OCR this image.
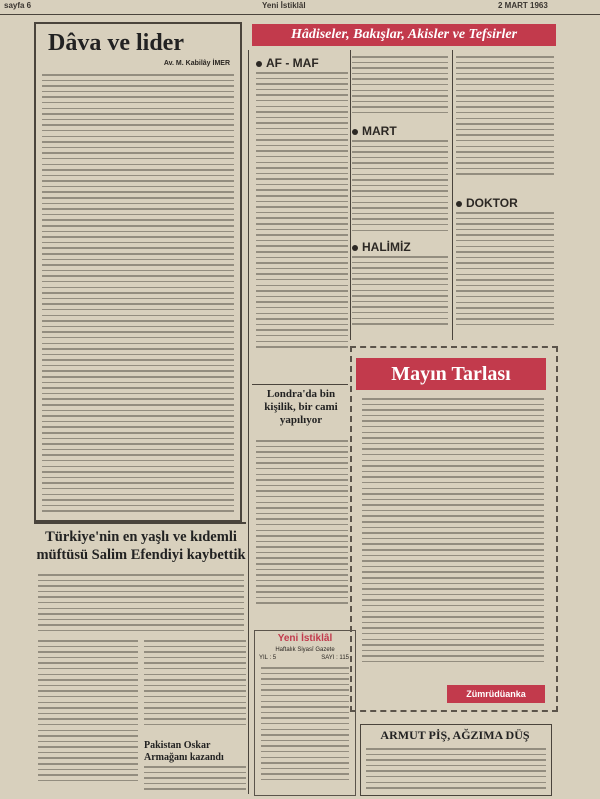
sayfa 6	Yeni İstiklâl	2 MART 1963
Dâva ve lider
Av. M. Kabilây İMER
Hâdiseler, Bakışlar, Akisler ve Tefsirler
AF - MAF
MART
HALİMİZ
DOKTOR
Londra'da bin kişilik, bir cami yapılıyor
Türkiye'nin en yaşlı ve kıdemli müftüsü Salim Efendiyi kaybettik
Pakistan Oskar Armağanı kazandı
Yeni İstiklâl
Haftalık Siyasî Gazete
YIL : 5	SAYI : 115
Mayın Tarlası
Zümrüdüanka
ARMUT PİŞ, AĞZIMA DÜŞ
